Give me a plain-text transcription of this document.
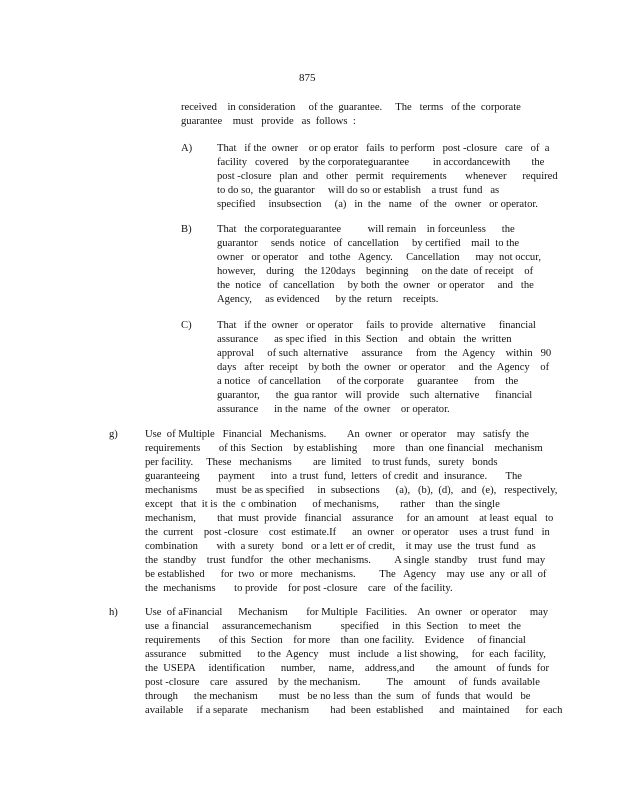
875
received    in consideration     of the  guarantee.     The   terms   of the  corporate
guarantee    must   provide   as  follows  :
A) That   if the  owner    or op erator   fails  to perform   post -closure   care   of  a
facility   covered    by the corporateguarantee         in accordancewith        the
post -closure   plan  and   other   permit   requirements       whenever      required
to do so,  the guarantor     will do so or establish    a trust  fund   as
specified     insubsection     (a)   in  the   name   of  the   owner   or operator.
B) That   the corporateguarantee          will remain    in forceunless      the
guarantor     sends  notice   of  cancellation     by certified    mail  to the
owner   or operator    and  tothe   Agency.     Cancellation      may  not occur,
however,    during    the 120days    beginning     on the date  of receipt    of
the  notice   of  cancellation     by both  the  owner   or operator     and   the
Agency,     as evidenced      by the  return    receipts.
C) That   if the  owner   or operator     fails  to provide   alternative     financial
assurance      as spec ified   in this  Section    and  obtain   the  written
approval     of such  alternative     assurance     from   the  Agency    within   90
days   after  receipt    by both  the  owner   or operator     and  the  Agency    of
a notice   of cancellation      of the corporate     guarantee      from    the
guarantor,      the  gua rantor   will  provide    such  alternative      financial
assurance      in the  name   of the  owner    or operator.
g)	Use  of Multiple   Financial   Mechanisms.        An  owner   or operator    may   satisfy  the
requirements       of this  Section    by establishing      more    than  one financial    mechanism
per facility.     These   mechanisms        are  limited    to trust funds,   surety   bonds
guaranteeing       payment      into  a trust  fund,  letters  of credit  and  insurance.       The
mechanisms       must  be as specified     in  subsections      (a),   (b),  (d),   and  (e),   respectively,
except   that  it is  the  c ombination      of mechanisms,        rather    than  the single
mechanism,        that  must  provide   financial    assurance     for  an amount    at least  equal   to
the  current    post -closure    cost  estimate.If      an  owner   or operator    uses  a trust  fund   in
combination       with  a surety   bond   or a lett er of credit,    it may  use  the  trust  fund   as
the  standby    trust  fundfor   the  other  mechanisms.         A single  standby    trust  fund  may
be established      for  two  or more   mechanisms.         The   Agency    may  use  any  or all  of
the  mechanisms       to provide    for post -closure    care   of the facility.
h)	Use  of aFinancial      Mechanism       for Multiple   Facilities.    An  owner   or operator     may
use  a financial     assurancemechanism           specified     in  this  Section    to meet   the
requirements       of this  Section    for more    than  one facility.    Evidence     of financial
assurance     submitted      to the  Agency    must   include   a list showing,     for  each  facility,
the  USEPA     identification      number,     name,    address,and        the  amount    of funds  for
post -closure    care   assured    by  the mechanism.          The    amount     of  funds  available
through      the mechanism        must   be no less  than  the  sum   of  funds  that  would   be
available     if a separate     mechanism        had  been  established      and   maintained      for  each
